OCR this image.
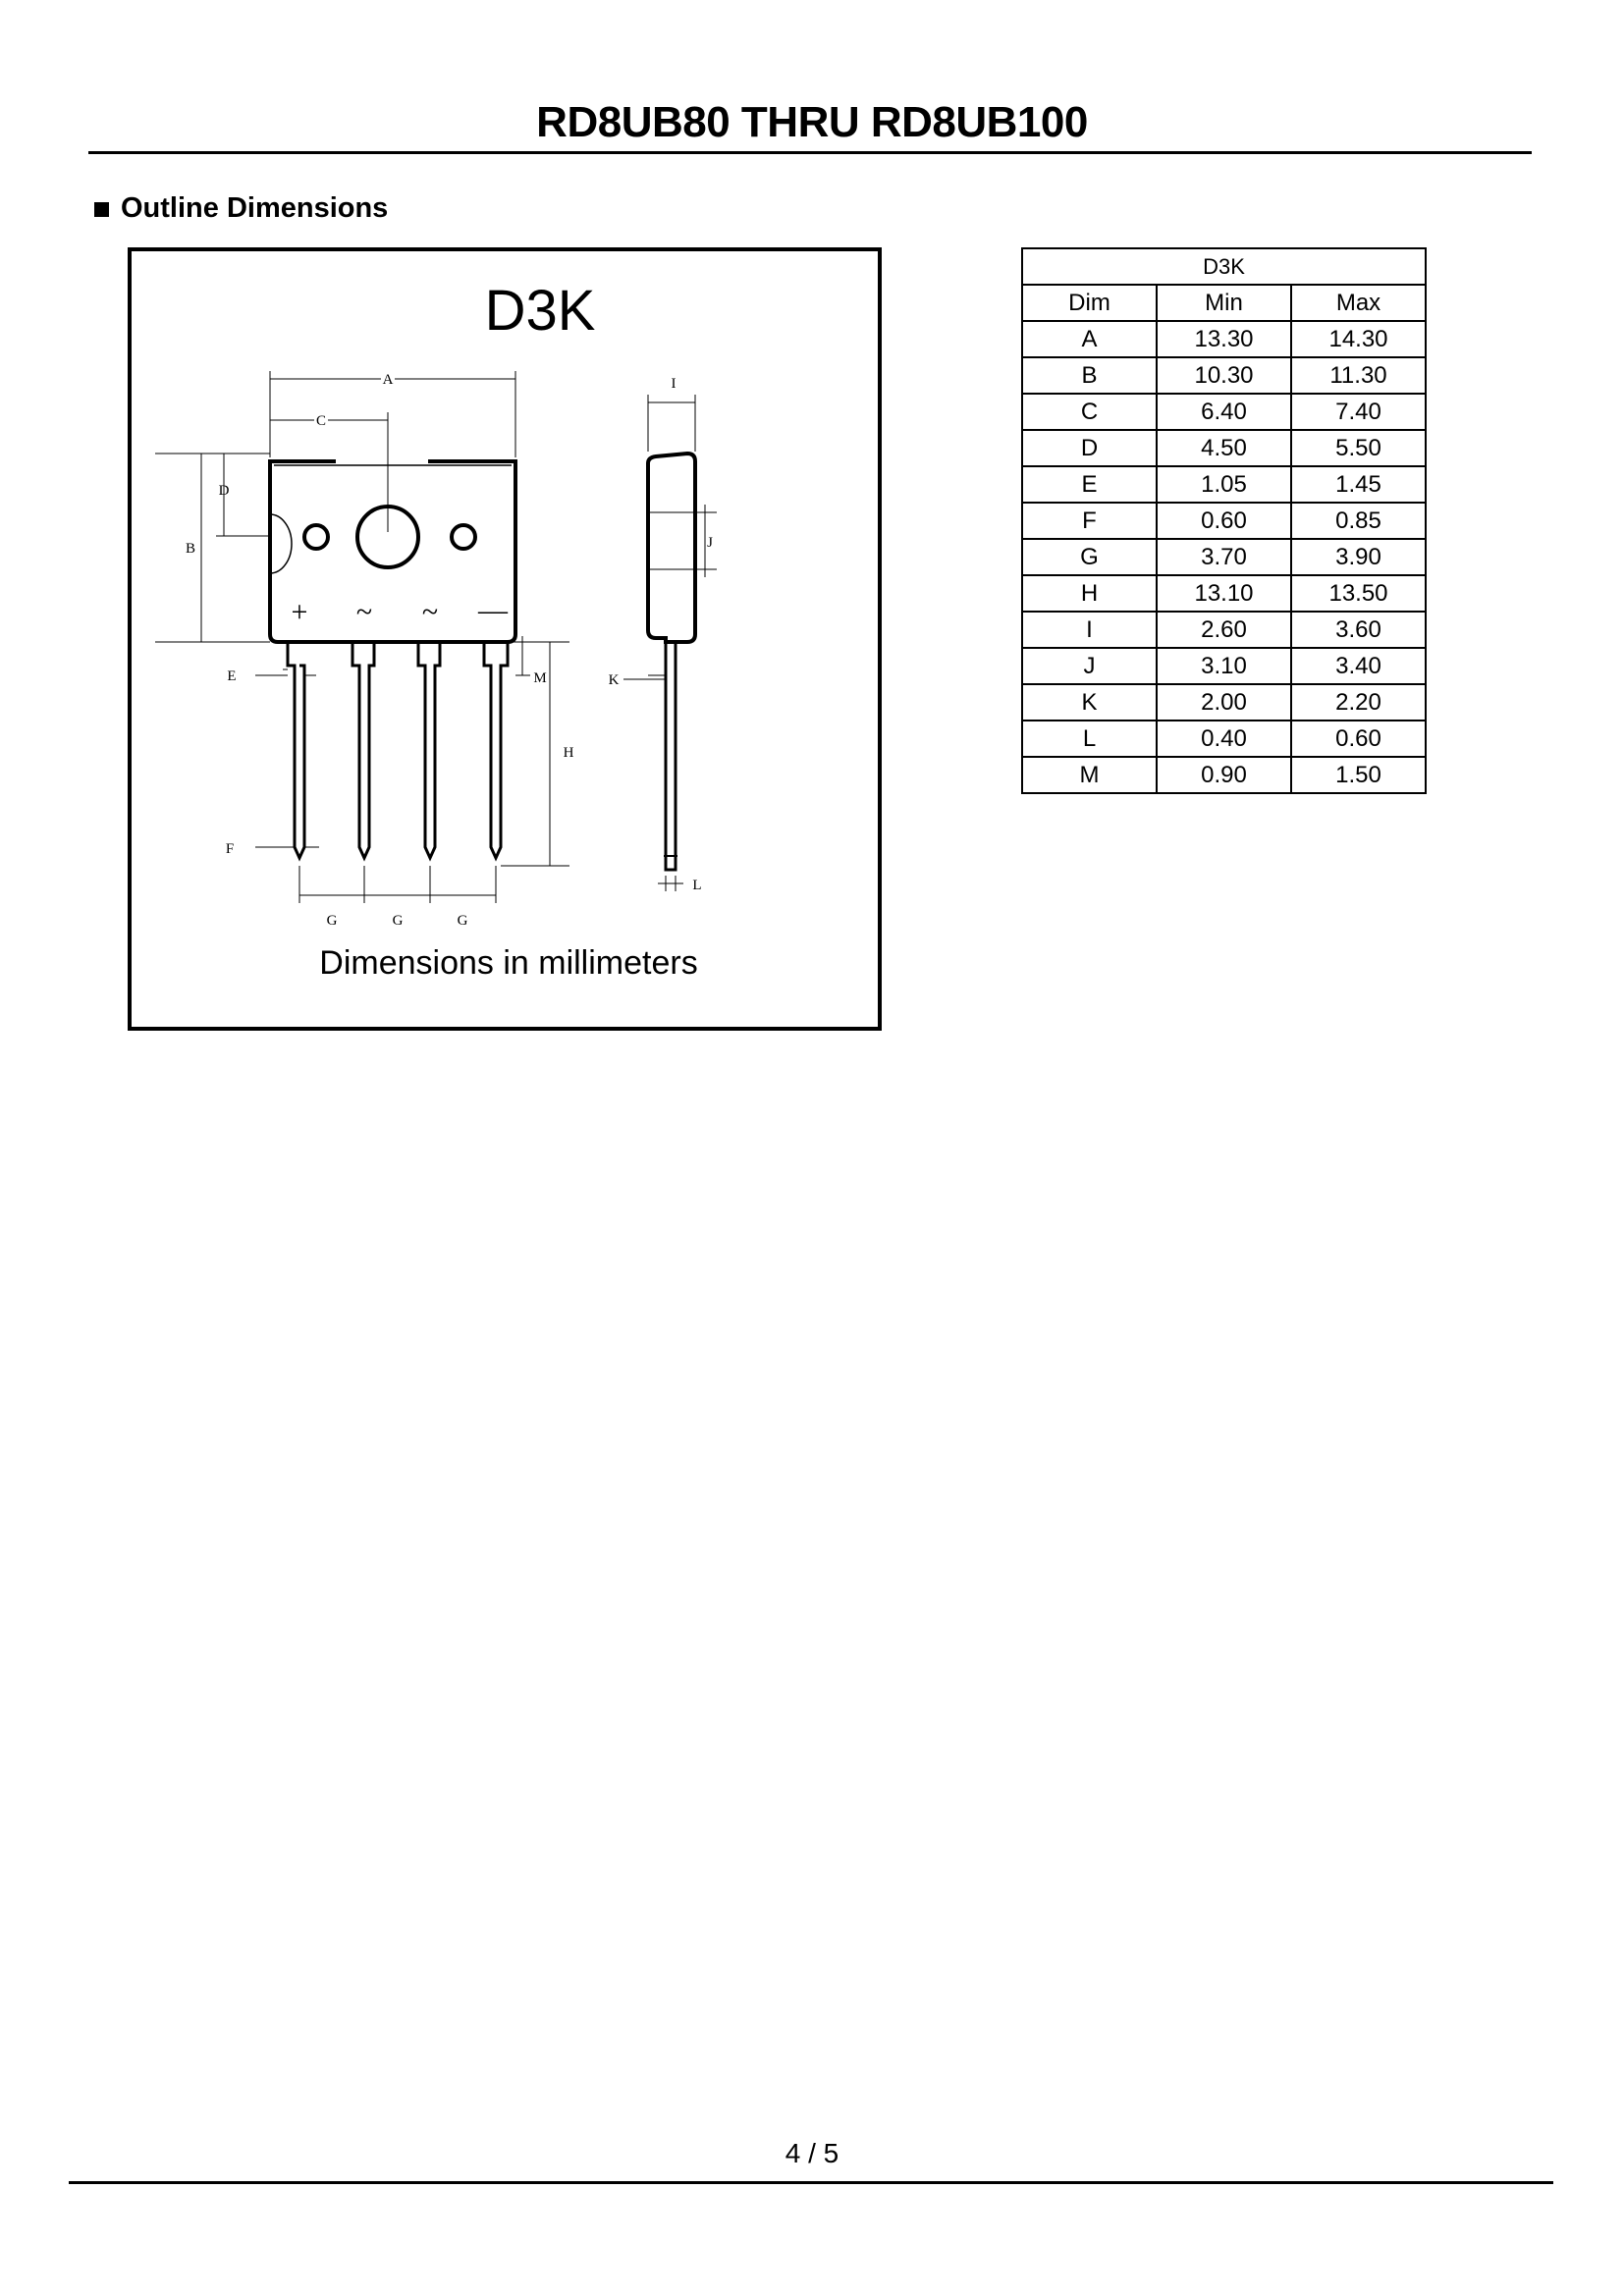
RD8UB80 THRU RD8UB100
Outline Dimensions
D3K
+ ~ ~ —
A
C
B
D
E
F
G	G	G
H
M
I
J
K
L
Dimensions in millimeters
D3K		
Dim	Min	Max
A	13.30	14.30
B	10.30	11.30
C	6.40	7.40
D	4.50	5.50
E	1.05	1.45
F	0.60	0.85
G	3.70	3.90
H	13.10	13.50
I	2.60	3.60
J	3.10	3.40
K	2.00	2.20
L	0.40	0.60
M	0.90	1.50
4 / 5
